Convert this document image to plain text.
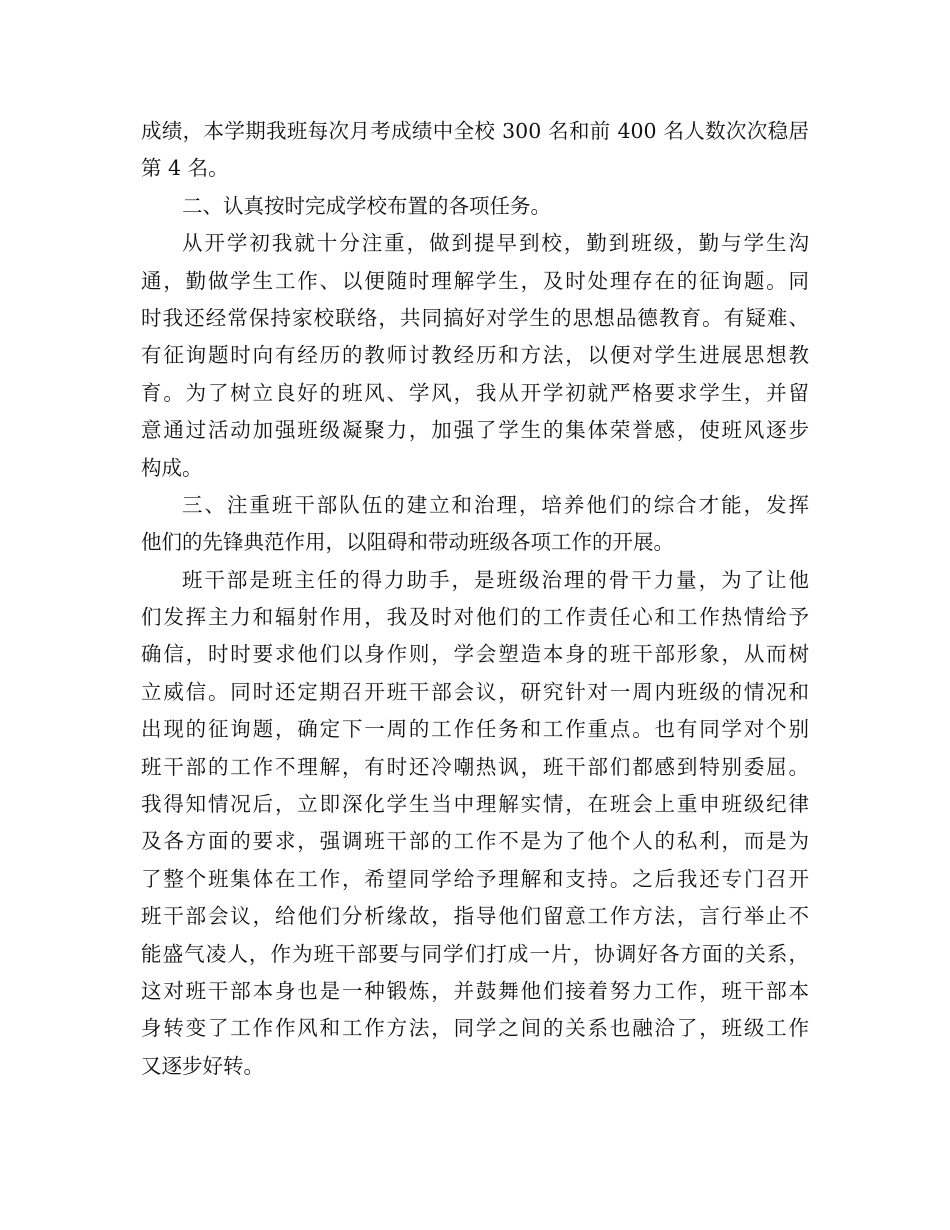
成绩，本学期我班每次月考成绩中全校 300 名和前 400 名人数次次稳居
第 4 名。
二、认真按时完成学校布置的各项任务。
从开学初我就十分注重，做到提早到校，勤到班级，勤与学生沟
通，勤做学生工作、以便随时理解学生，及时处理存在的征询题。同
时我还经常保持家校联络，共同搞好对学生的思想品德教育。有疑难、
有征询题时向有经历的教师讨教经历和方法，以便对学生进展思想教
育。为了树立良好的班风、学风，我从开学初就严格要求学生，并留
意通过活动加强班级凝聚力，加强了学生的集体荣誉感，使班风逐步
构成。
三、注重班干部队伍的建立和治理，培养他们的综合才能，发挥
他们的先锋典范作用，以阻碍和带动班级各项工作的开展。
班干部是班主任的得力助手，是班级治理的骨干力量，为了让他
们发挥主力和辐射作用，我及时对他们的工作责任心和工作热情给予
确信，时时要求他们以身作则，学会塑造本身的班干部形象，从而树
立威信。同时还定期召开班干部会议，研究针对一周内班级的情况和
出现的征询题，确定下一周的工作任务和工作重点。也有同学对个别
班干部的工作不理解，有时还冷嘲热讽，班干部们都感到特别委屈。
我得知情况后，立即深化学生当中理解实情，在班会上重申班级纪律
及各方面的要求，强调班干部的工作不是为了他个人的私利，而是为
了整个班集体在工作，希望同学给予理解和支持。之后我还专门召开
班干部会议，给他们分析缘故，指导他们留意工作方法，言行举止不
能盛气凌人，作为班干部要与同学们打成一片，协调好各方面的关系，
这对班干部本身也是一种锻炼，并鼓舞他们接着努力工作，班干部本
身转变了工作作风和工作方法，同学之间的关系也融洽了，班级工作
又逐步好转。
